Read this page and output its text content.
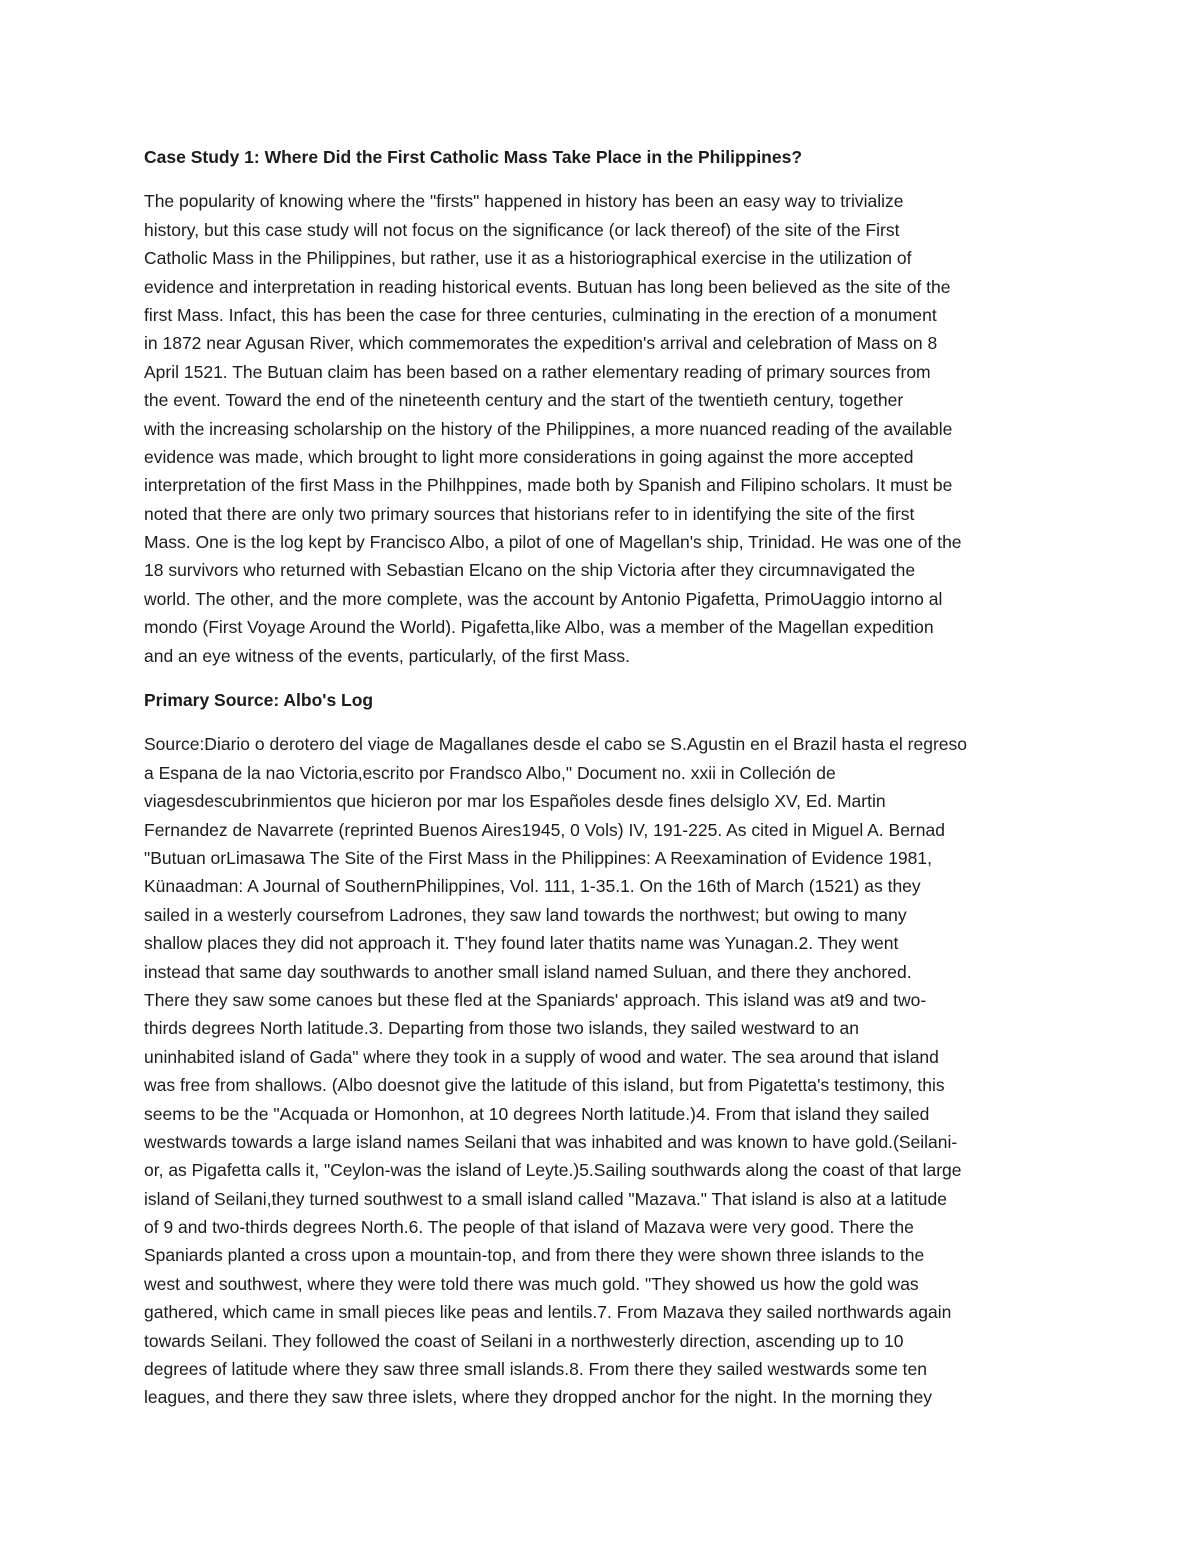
Case Study 1: Where Did the First Catholic Mass Take Place in the Philippines?
The popularity of knowing where the "firsts" happened in history has been an easy way to trivialize
history, but this case study will not focus on the significance (or lack thereof) of the site of the First
Catholic Mass in the Philippines, but rather, use it as a historiographical exercise in the utilization of
evidence and interpretation in reading historical events. Butuan has long been believed as the site of the
first Mass. Infact, this has been the case for three centuries, culminating in the erection of a monument
in 1872 near Agusan River, which commemorates the expedition's arrival and celebration of Mass on 8
April 1521. The Butuan claim has been based on a rather elementary reading of primary sources from
the event. Toward the end of the nineteenth century and the start of the twentieth century, together
with the increasing scholarship on the history of the Philippines, a more nuanced reading of the available
evidence was made, which brought to light more considerations in going against the more accepted
interpretation of the first Mass in the Philhppines, made both by Spanish and Filipino scholars. It must be
noted that there are only two primary sources that historians refer to in identifying the site of the first
Mass. One is the log kept by Francisco Albo, a pilot of one of Magellan's ship, Trinidad. He was one of the
18 survivors who returned with Sebastian Elcano on the ship Victoria after they circumnavigated the
world. The other, and the more complete, was the account by Antonio Pigafetta, PrimoUaggio intorno al
mondo (First Voyage Around the World). Pigafetta,like Albo, was a member of the Magellan expedition
and an eye witness of the events, particularly, of the first Mass.
Primary Source: Albo's Log
Source:Diario o derotero del viage de Magallanes desde el cabo se S.Agustin en el Brazil hasta el regreso
a Espana de la nao Victoria,escrito por Frandsco Albo," Document no. xxii in Colleción de
viagesdescubrinmientos que hicieron por mar los Españoles desde fines delsiglo XV, Ed. Martin
Fernandez de Navarrete (reprinted Buenos Aires1945, 0 Vols) IV, 191-225. As cited in Miguel A. Bernad
"Butuan orLimasawa The Site of the First Mass in the Philippines: A Reexamination of Evidence 1981,
Künaadman: A Journal of SouthernPhilippines, Vol. 111, 1-35.1. On the 16th of March (1521) as they
sailed in a westerly coursefrom Ladrones, they saw land towards the northwest; but owing to many
shallow places they did not approach it. T'hey found later thatits name was Yunagan.2. They went
instead that same day southwards to another small island named Suluan, and there they anchored.
There they saw some canoes but these fled at the Spaniards' approach. This island was at9 and two-
thirds degrees North latitude.3. Departing from those two islands, they sailed westward to an
uninhabited island of Gada" where they took in a supply of wood and water. The sea around that island
was free from shallows. (Albo doesnot give the latitude of this island, but from Pigatetta's testimony, this
seems to be the "Acquada or Homonhon, at 10 degrees North latitude.)4. From that island they sailed
westwards towards a large island names Seilani that was inhabited and was known to have gold.(Seilani-
or, as Pigafetta calls it, "Ceylon-was the island of Leyte.)5.Sailing southwards along the coast of that large
island of Seilani,they turned southwest to a small island called "Mazava." That island is also at a latitude
of 9 and two-thirds degrees North.6. The people of that island of Mazava were very good. There the
Spaniards planted a cross upon a mountain-top, and from there they were shown three islands to the
west and southwest, where they were told there was much gold. "They showed us how the gold was
gathered, which came in small pieces like peas and lentils.7. From Mazava they sailed northwards again
towards Seilani. They followed the coast of Seilani in a northwesterly direction, ascending up to 10
degrees of latitude where they saw three small islands.8. From there they sailed westwards some ten
leagues, and there they saw three islets, where they dropped anchor for the night. In the morning they
